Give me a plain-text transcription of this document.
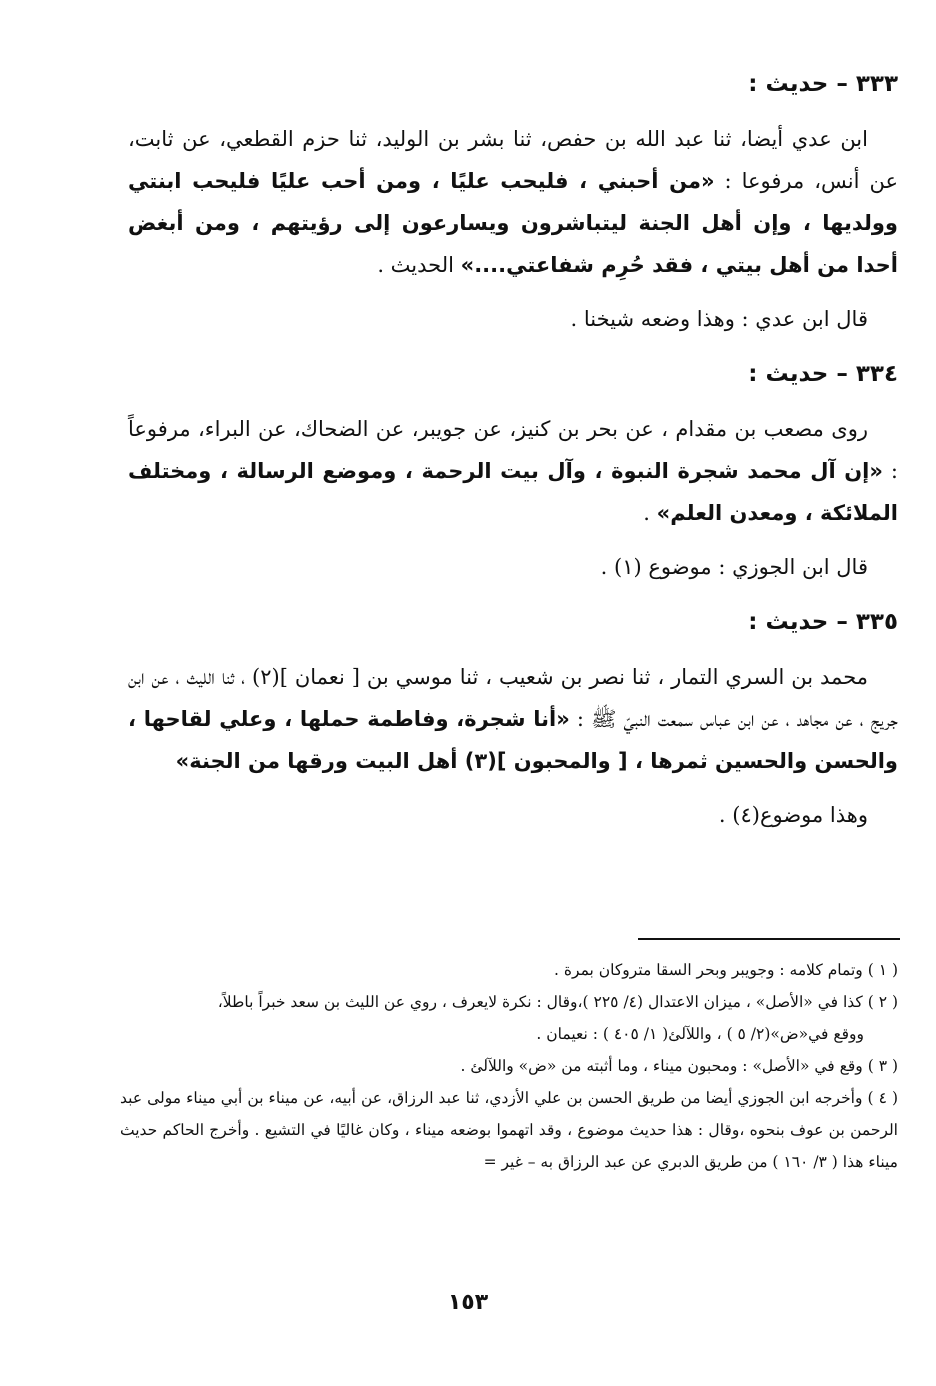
٣٣٣ – حديث :

ابن عدي أيضا، ثنا عبد الله بن حفص، ثنا بشر بن الوليد، ثنا حزم القطعي، عن ثابت، عن أنس، مرفوعا : «من أحبني ، فليحب عليًا ، ومن أحب عليًا فليحب ابنتي وولديها ، وإن أهل الجنة ليتباشرون ويسارعون إلى رؤيتهم ، ومن أبغض أحدا من أهل بيتي ، فقد حُرِم شفاعتي....» الحديث .

قال ابن عدي : وهذا وضعه شيخنا .

٣٣٤ – حديث :

روى مصعب بن مقدام ، عن بحر بن كنيز، عن جويبر، عن الضحاك، عن البراء، مرفوعاً : «إن آل محمد شجرة النبوة ، وآل بيت الرحمة ، وموضع الرسالة ، ومختلف الملائكة ، ومعدن العلم» .

قال ابن الجوزي : موضوع (١) .

٣٣٥ – حديث :

محمد بن السري التمار ، ثنا نصر بن شعيب ، ثنا موسي بن [ نعمان ](٢) ، ثنا الليث ، عن ابن جريج ، عن مجاهد ، عن ابن عباس سمعت النبيّ ﷺ : «أنا شجرة، وفاطمة حملها ، وعلي لقاحها ، والحسن والحسين ثمرها ، [ والمحبون ](٣) أهل البيت ورقها من الجنة»

وهذا موضوع(٤) .

( ١ ) وتمام كلامه : وجويبر وبحر السقا متروكان بمرة .

( ٢ ) كذا في «الأصل» ، ميزان الاعتدال (٤/ ٢٢٥ )،وقال : نكرة لايعرف ، روي عن الليث بن سعد خبراً باطلاً،

ووقع في«ض»(٢/ ٥ ) ، واللآلئ( ١/ ٤٠٥ ) : نعيمان .

( ٣ ) وقع في «الأصل» : ومحبون ميناء ، وما أثبته من «ض» واللآلئ .

( ٤ ) وأخرجه ابن الجوزي أيضا من طريق الحسن بن علي الأزدي، ثنا عبد الرزاق، عن أبيه، عن ميناء بن أبي ميناء مولى عبد الرحمن بن عوف بنحوه ،وقال : هذا حديث موضوع ، وقد اتهموا بوضعه ميناء ، وكان غاليًا في التشيع . وأخرج الحاكم حديث ميناء هذا ( ٣/ ١٦٠ ) من طريق الدبري عن عبد الرزاق به – غير =

١٥٣
